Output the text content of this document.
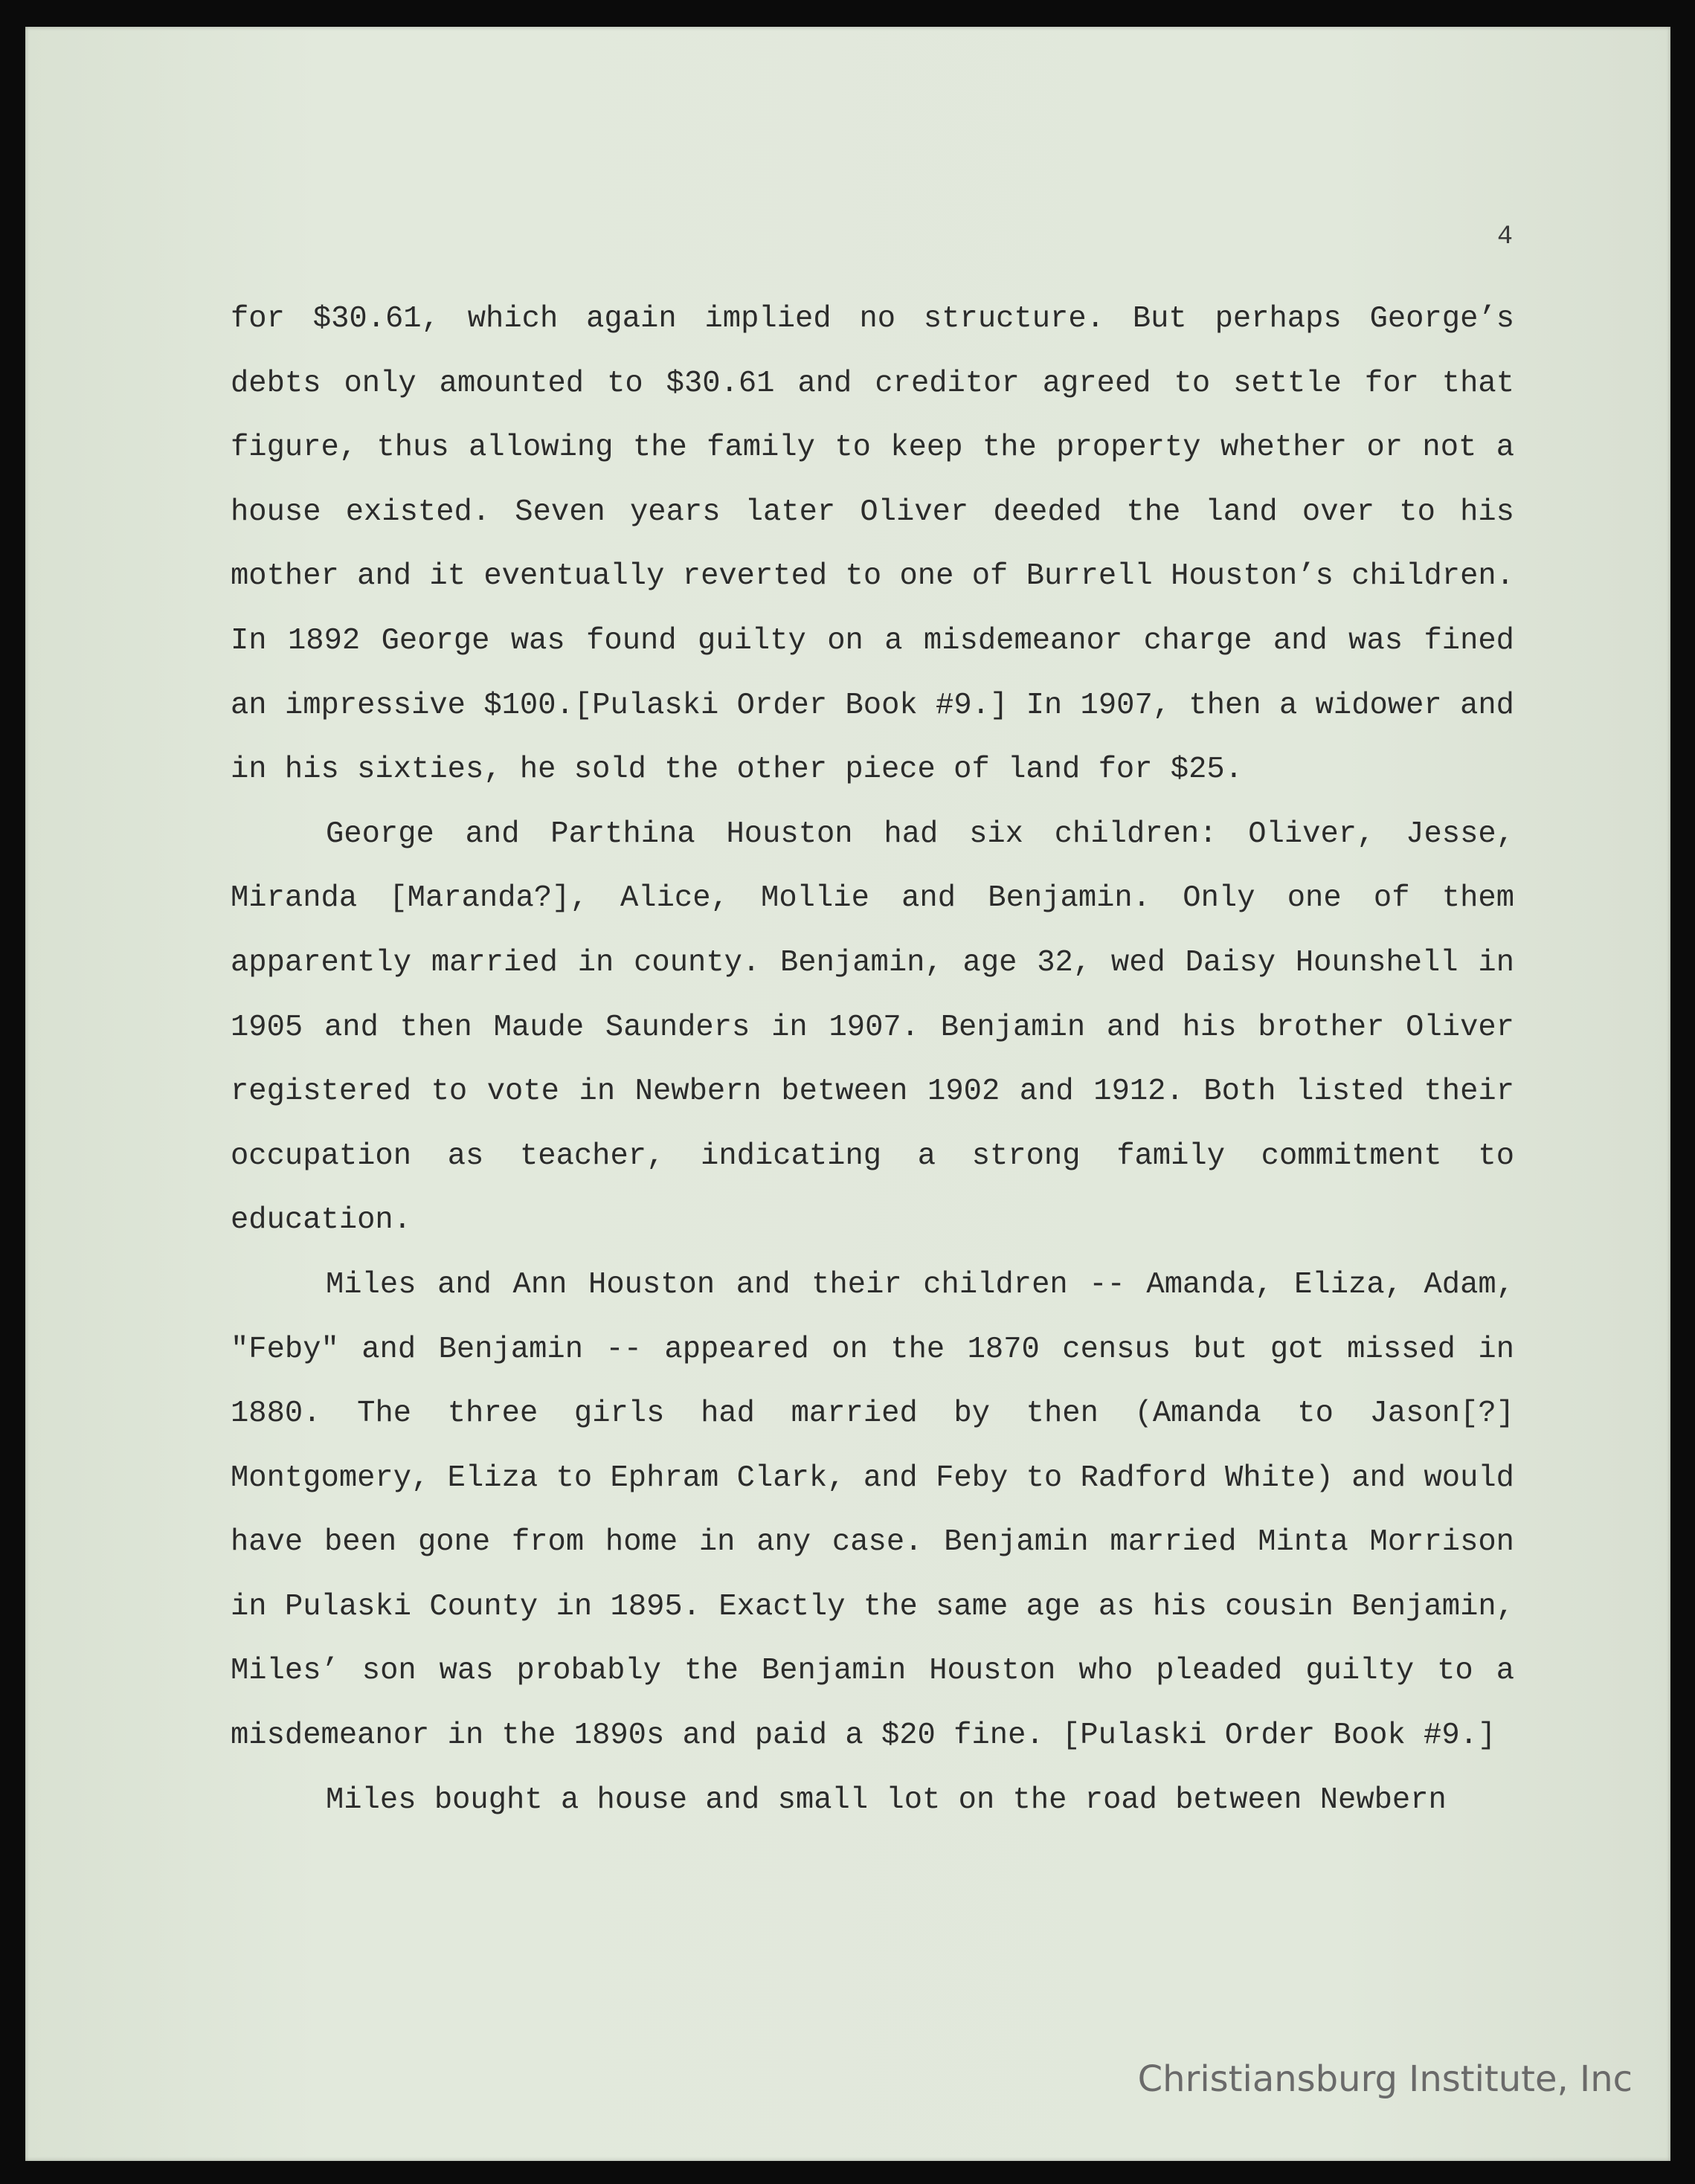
4

for $30.61, which again implied no structure. But perhaps George’s debts only amounted to $30.61 and creditor agreed to settle for that figure, thus allowing the family to keep the property whether or not a house existed. Seven years later Oliver deeded the land over to his mother and it eventually reverted to one of Burrell Houston’s children. In 1892 George was found guilty on a misdemeanor charge and was fined an impressive $100.[Pulaski Order Book #9.] In 1907, then a widower and in his sixties, he sold the other piece of land for $25.

George and Parthina Houston had six children: Oliver, Jesse, Miranda [Maranda?], Alice, Mollie and Benjamin. Only one of them apparently married in county. Benjamin, age 32, wed Daisy Hounshell in 1905 and then Maude Saunders in 1907. Benjamin and his brother Oliver registered to vote in Newbern between 1902 and 1912. Both listed their occupation as teacher, indicating a strong family commitment to education.

Miles and Ann Houston and their children -- Amanda, Eliza, Adam, "Feby" and Benjamin -- appeared on the 1870 census but got missed in 1880. The three girls had married by then (Amanda to Jason[?] Montgomery, Eliza to Ephram Clark, and Feby to Radford White) and would have been gone from home in any case. Benjamin married Minta Morrison in Pulaski County in 1895. Exactly the same age as his cousin Benjamin, Miles’ son was probably the Benjamin Houston who pleaded guilty to a misdemeanor in the 1890s and paid a $20 fine. [Pulaski Order Book #9.]

Miles bought a house and small lot on the road between Newbern

Christiansburg Institute, Inc
